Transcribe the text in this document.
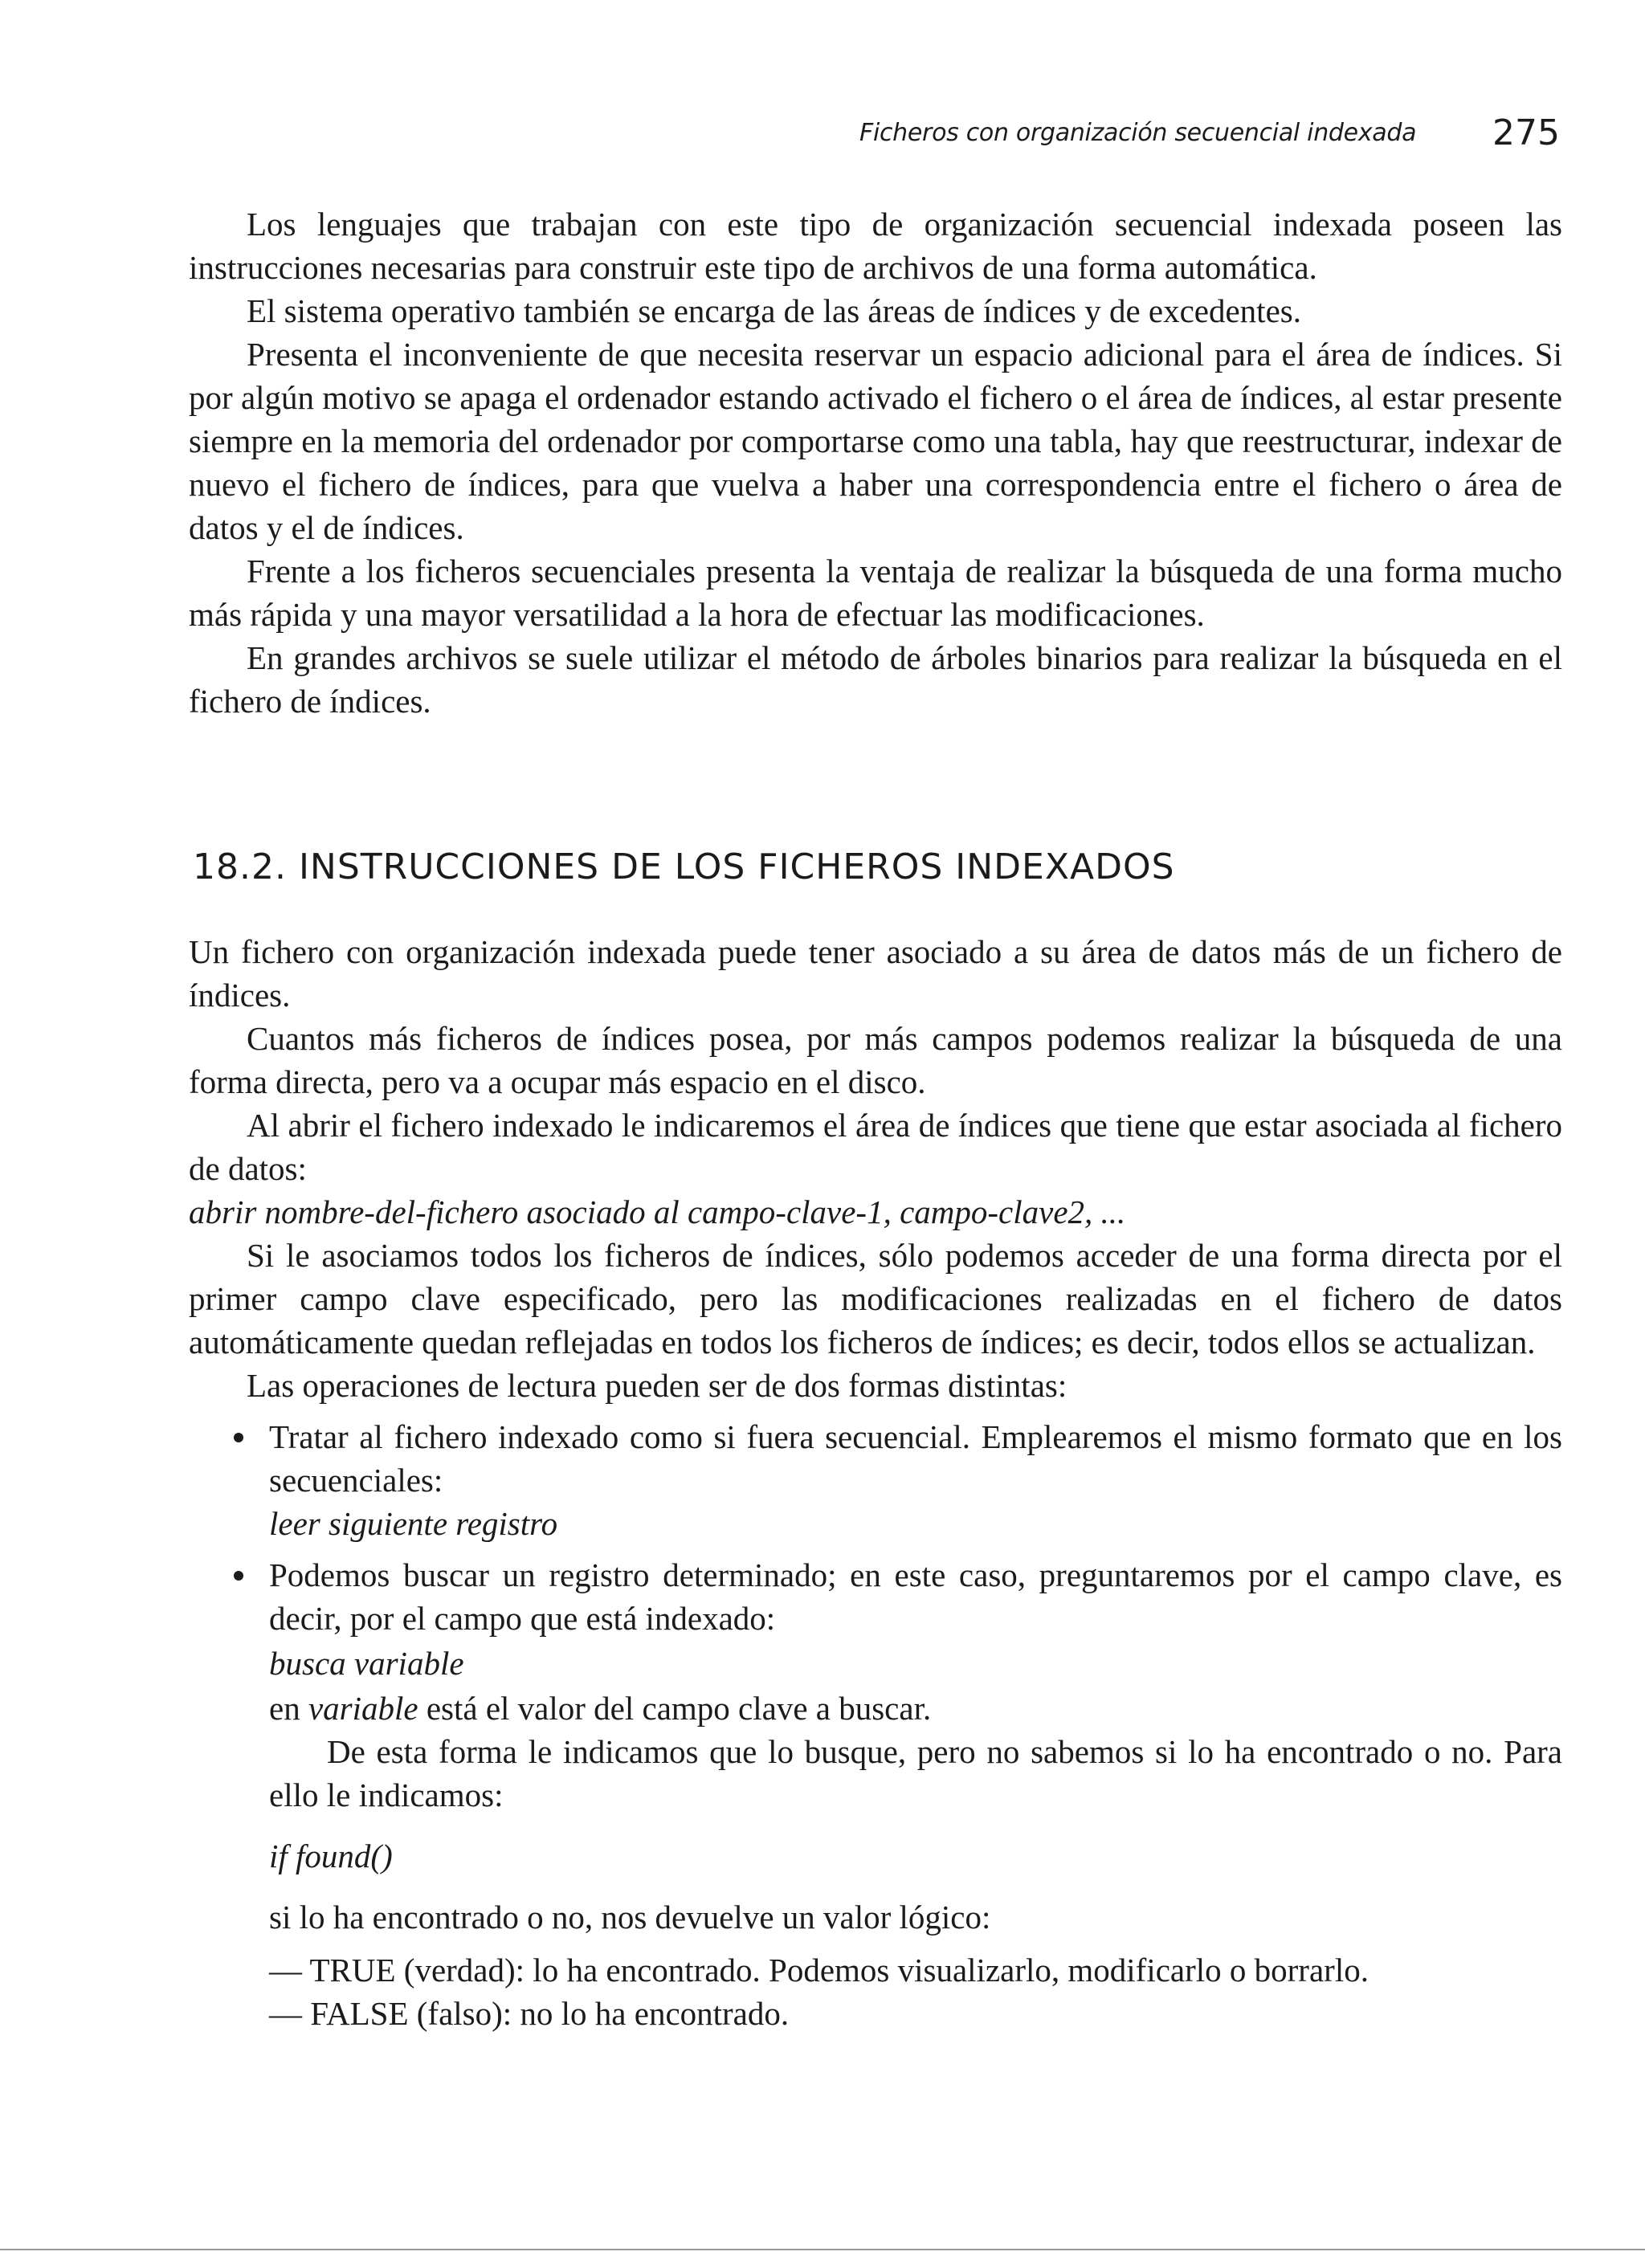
Ficheros con organización secuencial indexada 275

Los lenguajes que trabajan con este tipo de organización secuencial indexada poseen las instrucciones necesarias para construir este tipo de archivos de una forma automática.

El sistema operativo también se encarga de las áreas de índices y de excedentes.

Presenta el inconveniente de que necesita reservar un espacio adicional para el área de índices. Si por algún motivo se apaga el ordenador estando activado el fichero o el área de índices, al estar presente siempre en la memoria del ordenador por comportarse como una tabla, hay que reestructurar, indexar de nuevo el fichero de índices, para que vuelva a haber una correspondencia entre el fichero o área de datos y el de índices.

Frente a los ficheros secuenciales presenta la ventaja de realizar la búsqueda de una forma mucho más rápida y una mayor versatilidad a la hora de efectuar las modificaciones.

En grandes archivos se suele utilizar el método de árboles binarios para realizar la búsqueda en el fichero de índices.

18.2. INSTRUCCIONES DE LOS FICHEROS INDEXADOS

Un fichero con organización indexada puede tener asociado a su área de datos más de un fichero de índices.

Cuantos más ficheros de índices posea, por más campos podemos realizar la búsqueda de una forma directa, pero va a ocupar más espacio en el disco.

Al abrir el fichero indexado le indicaremos el área de índices que tiene que estar asociada al fichero de datos:

abrir nombre-del-fichero asociado al campo-clave-1, campo-clave2, ...

Si le asociamos todos los ficheros de índices, sólo podemos acceder de una forma directa por el primer campo clave especificado, pero las modificaciones realizadas en el fichero de datos automáticamente quedan reflejadas en todos los ficheros de índices; es decir, todos ellos se actualizan.

Las operaciones de lectura pueden ser de dos formas distintas:

Tratar al fichero indexado como si fuera secuencial. Emplearemos el mismo formato que en los secuenciales:

leer siguiente registro

Podemos buscar un registro determinado; en este caso, preguntaremos por el campo clave, es decir, por el campo que está indexado:

busca variable

en variable está el valor del campo clave a buscar.

De esta forma le indicamos que lo busque, pero no sabemos si lo ha encontrado o no. Para ello le indicamos:

if found()

si lo ha encontrado o no, nos devuelve un valor lógico:

— TRUE (verdad): lo ha encontrado. Podemos visualizarlo, modificarlo o borrarlo.

— FALSE (falso): no lo ha encontrado.
